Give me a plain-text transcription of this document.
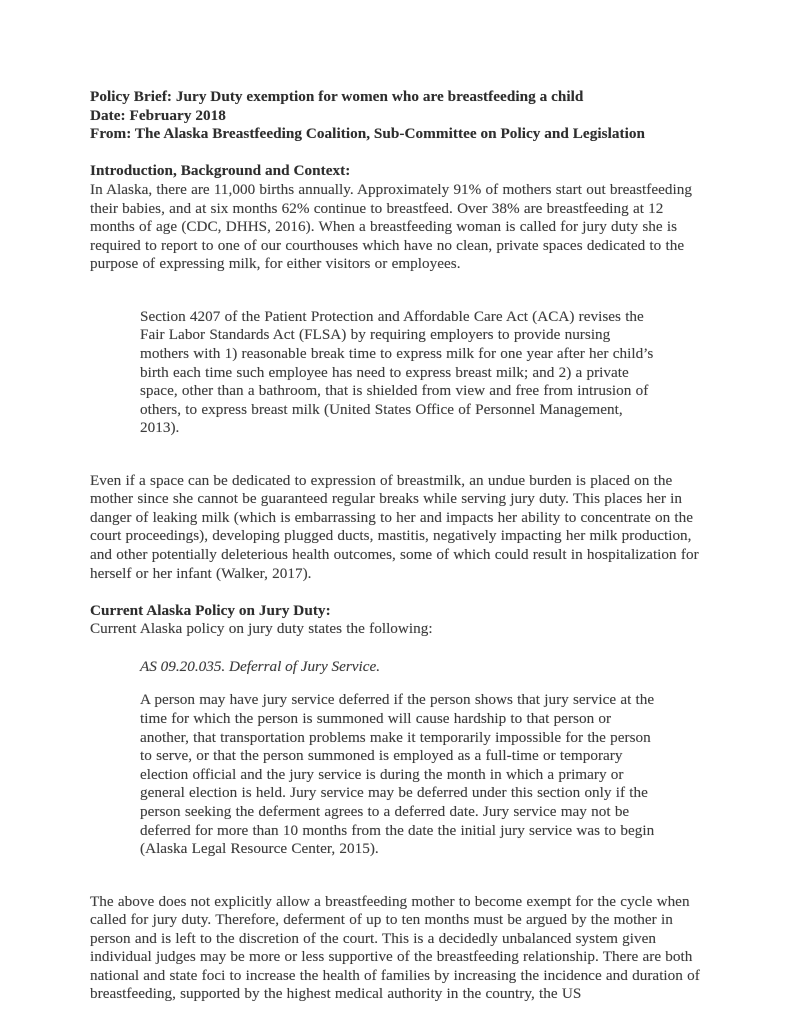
Policy Brief: Jury Duty exemption for women who are breastfeeding a child
Date: February 2018
From: The Alaska Breastfeeding Coalition, Sub-Committee on Policy and Legislation
Introduction, Background and Context:

In Alaska, there are 11,000 births annually. Approximately 91% of mothers start out breastfeeding their babies, and at six months 62% continue to breastfeed. Over 38% are breastfeeding at 12 months of age (CDC, DHHS, 2016). When a breastfeeding woman is called for jury duty she is required to report to one of our courthouses which have no clean, private spaces dedicated to the purpose of expressing milk, for either visitors or employees.

Section 4207 of the Patient Protection and Affordable Care Act (ACA) revises the Fair Labor Standards Act (FLSA) by requiring employers to provide nursing mothers with 1) reasonable break time to express milk for one year after her child’s birth each time such employee has need to express breast milk; and 2) a private space, other than a bathroom, that is shielded from view and free from intrusion of others, to express breast milk (United States Office of Personnel Management, 2013).

Even if a space can be dedicated to expression of breastmilk, an undue burden is placed on the mother since she cannot be guaranteed regular breaks while serving jury duty. This places her in danger of leaking milk (which is embarrassing to her and impacts her ability to concentrate on the court proceedings), developing plugged ducts, mastitis, negatively impacting her milk production, and other potentially deleterious health outcomes, some of which could result in hospitalization for herself or her infant (Walker, 2017).

Current Alaska Policy on Jury Duty:
Current Alaska policy on jury duty states the following:
AS 09.20.035. Deferral of Jury Service.

A person may have jury service deferred if the person shows that jury service at the time for which the person is summoned will cause hardship to that person or another, that transportation problems make it temporarily impossible for the person to serve, or that the person summoned is employed as a full-time or temporary election official and the jury service is during the month in which a primary or general election is held. Jury service may be deferred under this section only if the person seeking the deferment agrees to a deferred date. Jury service may not be deferred for more than 10 months from the date the initial jury service was to begin (Alaska Legal Resource Center, 2015).

The above does not explicitly allow a breastfeeding mother to become exempt for the cycle when called for jury duty. Therefore, deferment of up to ten months must be argued by the mother in person and is left to the discretion of the court. This is a decidedly unbalanced system given individual judges may be more or less supportive of the breastfeeding relationship. There are both national and state foci to increase the health of families by increasing the incidence and duration of breastfeeding, supported by the highest medical authority in the country, the US
